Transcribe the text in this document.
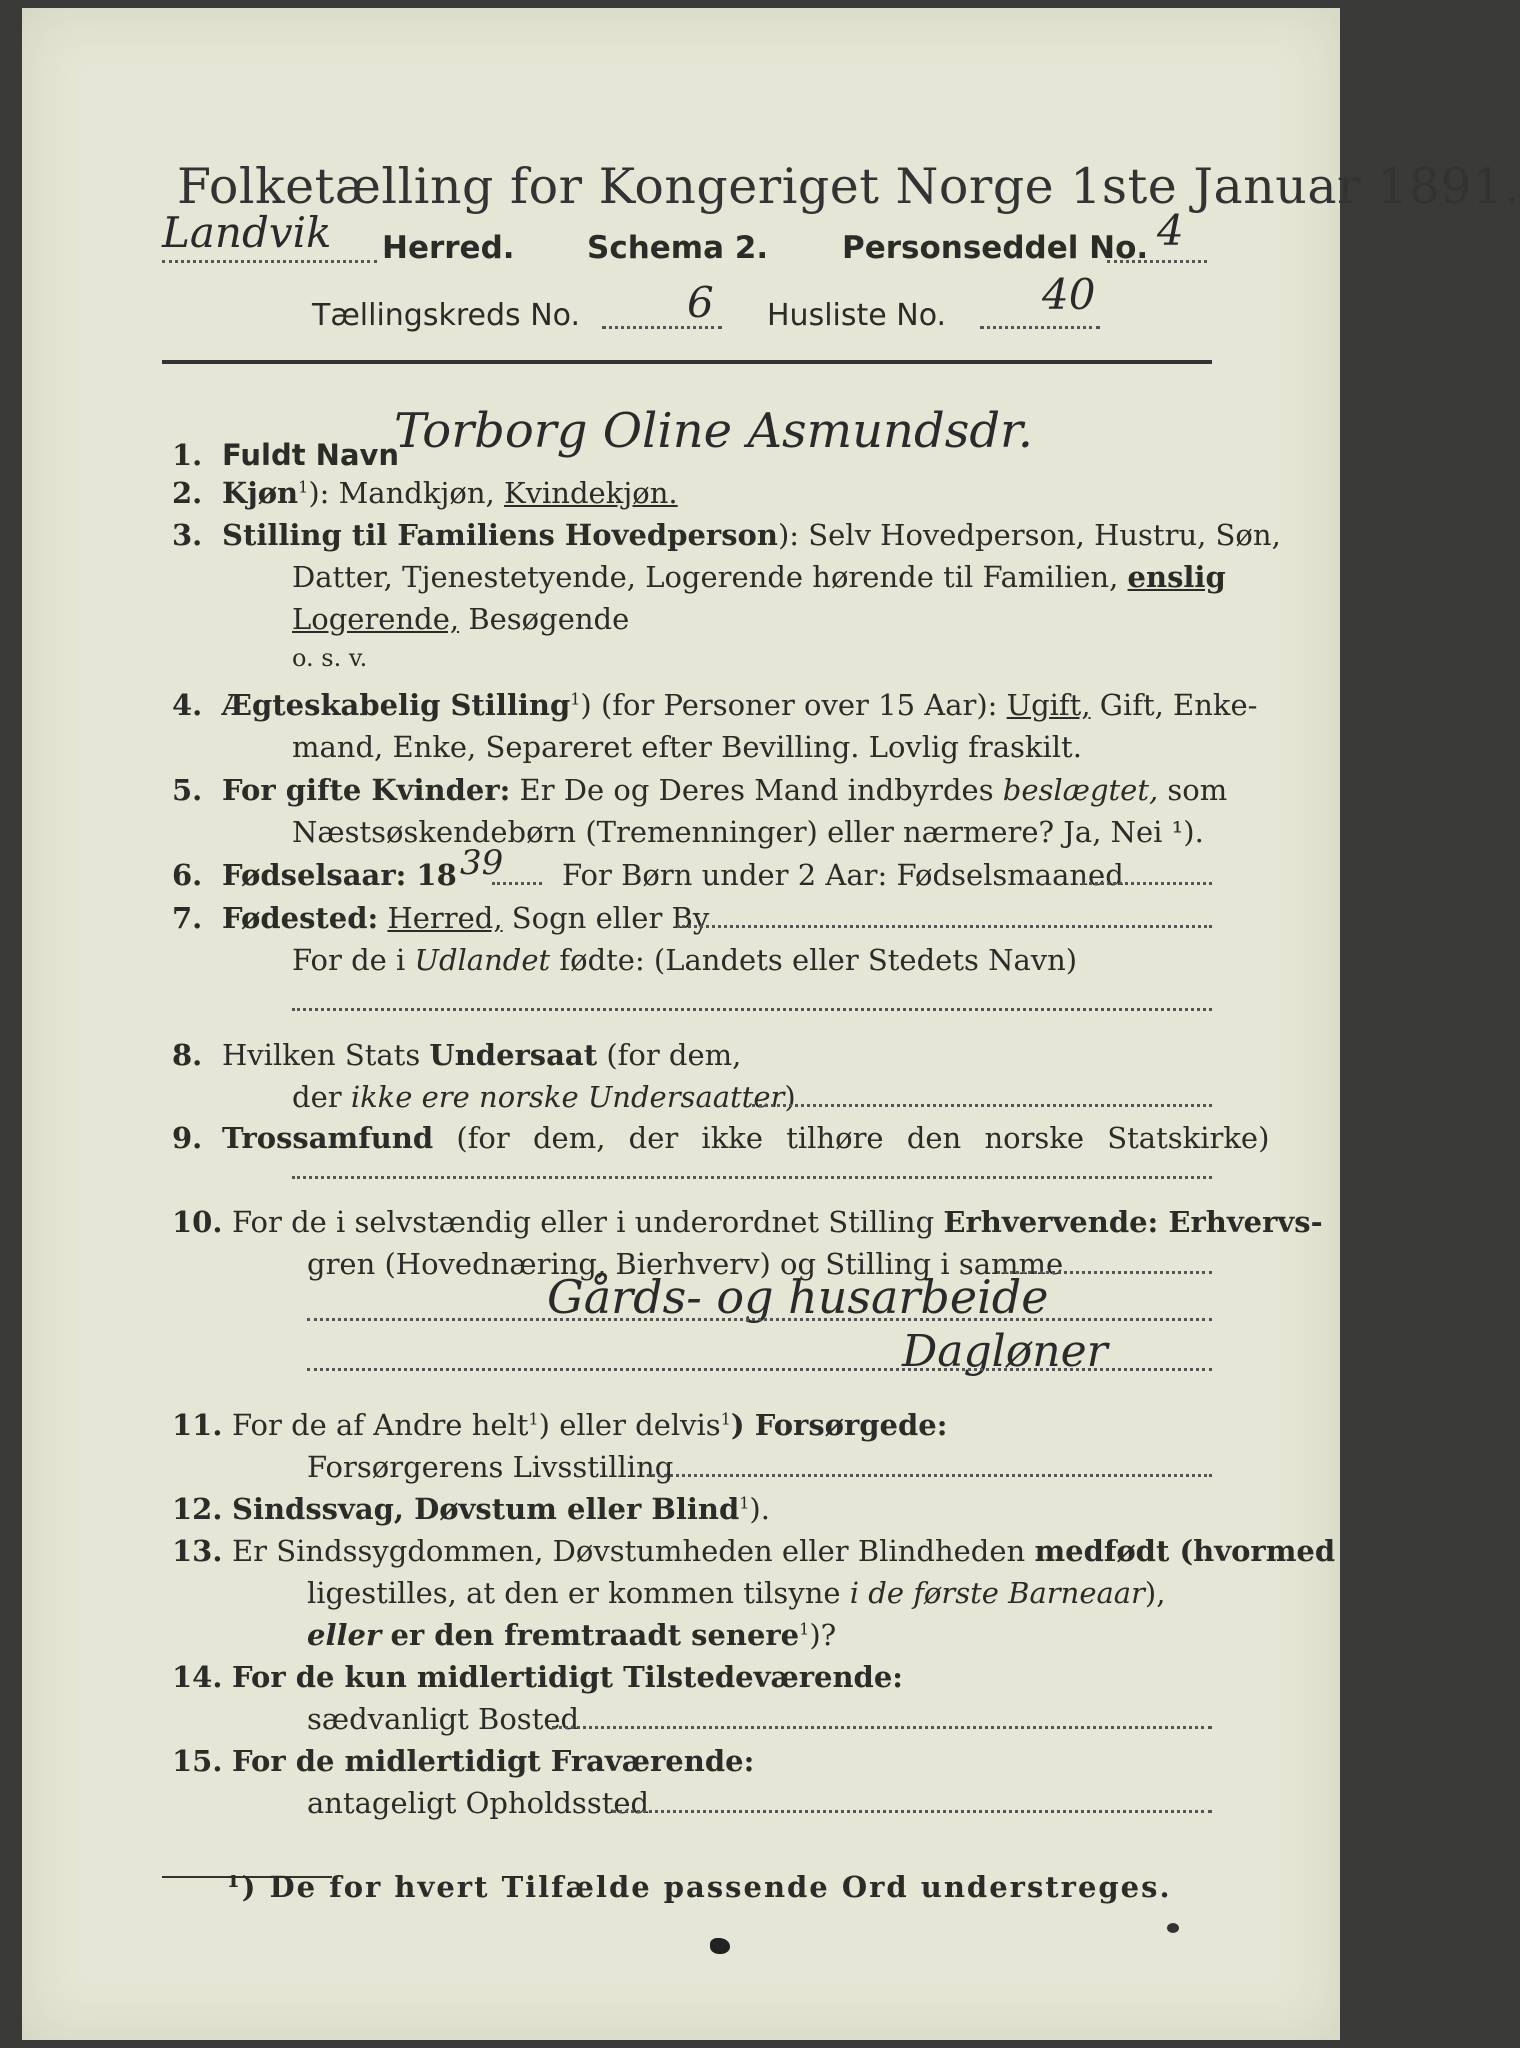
Folketælling for Kongeriget Norge 1ste Januar 1891.
Landvik Herred. Schema 2. Personseddel No. 4
Tællingskreds No.	6 Husliste No. 40
1. Fuldt Navn
Torborg Oline Asmundsdr.
2. Kjøn$^1$): Mandkjøn, Kvindekjøn.
3. Stilling til Familiens Hovedperson): Selv Hovedperson, Hustru, Søn,
Datter, Tjenestetyende, Logerende hørende til Familien, enslig
Logerende, Besøgende
o. s. v.
4. Ægteskabelig Stilling$^1$) (for Personer over 15 Aar): Ugift, Gift, Enke-
mand, Enke, Separeret efter Bevilling. Lovlig fraskilt.
5. For gifte Kvinder: Er De og Deres Mand indbyrdes beslægtet, som
Næstsøskendebørn (Tremenninger) eller nærmere? Ja, Nei ¹).
6. Fødselsaar: 18 39 For Børn under 2 Aar: Fødselsmaaned
7. Fødested: Herred, Sogn eller By
For de i Udlandet fødte: (Landets eller Stedets Navn)
8. Hvilken Stats Undersaat (for dem,
der ikke ere norske Undersaatter)
9. Trossamfund (for dem, der ikke tilhøre den norske Statskirke)
10. For de i selvstændig eller i underordnet Stilling Erhvervende: Erhvervs-
gren (Hovednæring, Bierhverv) og Stilling i samme
Gårds- og husarbeide
Dagløner
11. For de af Andre helt$^1$) eller delvis$^1$) Forsørgede:
Forsørgerens Livsstilling
12. Sindssvag, Døvstum eller Blind$^1$).
13. Er Sindssygdommen, Døvstumheden eller Blindheden medfødt (hvormed
ligestilles, at den er kommen tilsyne i de første Barneaar),
eller er den fremtraadt senere$^1$)?
14. For de kun midlertidigt Tilstedeværende:
sædvanligt Bosted
15. For de midlertidigt Fraværende:
antageligt Opholdssted
¹) De for hvert Tilfælde passende Ord understreges.
